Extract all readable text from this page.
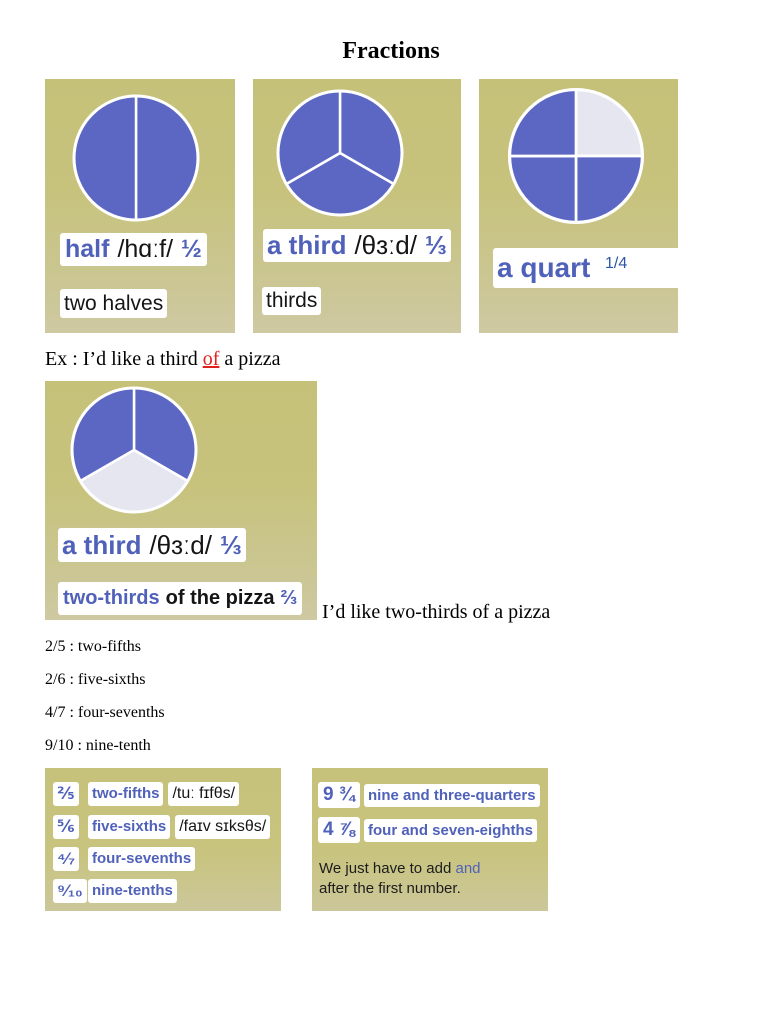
Fractions
half /hɑːf/ ½
two halves
a third /θɜːd/ ⅓
thirds
a quart 1/4

Ex : I’d like a third of a pizza

a third /θɜːd/ ⅓
two-thirds of the pizza ⅔

I’d like two-thirds of a pizza

2/5 : two-fifths

2/6 : five-sixths

4/7 : four-sevenths

9/10 : nine-tenth

⅖ two-fifths /tuː fɪfθs/
⅚ five-sixths /faɪv sɪksθs/
⁴⁄₇ four-sevenths
⁹⁄₁₀ nine-tenths
9 ¾ nine and three-quarters
4 ⅞ four and seven-eighths

We just have to add and
after the first number.
